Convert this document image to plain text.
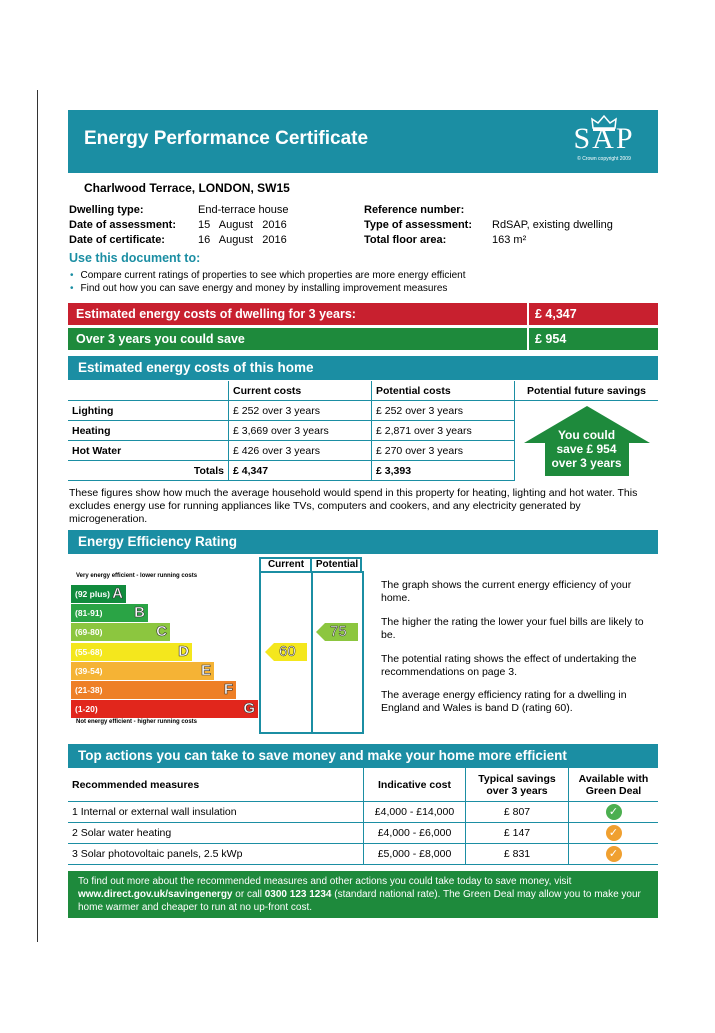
Energy Performance Certificate	SAP
© Crown copyright 2009
Charlwood Terrace, LONDON, SW15
Dwelling type:	End-terrace house
Date of assessment: 15   August   2016
Date of certificate:	16   August   2016
Reference number:
Type of assessment: RdSAP, existing dwelling
Total floor area:	163 m²
Use this document to:
• Compare current ratings of properties to see which properties are more energy efficient
• Find out how you can save energy and money by installing improvement measures
Estimated energy costs of dwelling for 3 years:	£ 4,347
Over 3 years you could save	£ 954
Estimated energy costs of this home
	Current costs	Potential costs	Potential future savings
Lighting	£ 252 over 3 years	£ 252 over 3 years	You could
save £ 954
over 3 years

Heating	£ 3,669 over 3 years	£ 2,871 over 3 years	
Hot Water	£ 426 over 3 years	£ 270 over 3 years	
Totals	£ 4,347	£ 3,393	
These figures show how much the average household would spend in this property for heating, lighting and hot water. This excludes energy use for running appliances like TVs, computers and cookers, and any electricity generated by microgeneration.
Energy Efficiency Rating
Very energy efficient - lower running costs
(92 plus) A
(81-91) B
(69-80)	C
(55-68)	D
(39-54)	E
(21-38)	F
(1-20)	G
Not energy efficient - higher running costs
Current	Potential
60
75
The graph shows the current energy efficiency of your home.
The higher the rating the lower your fuel bills are likely to be.
The potential rating shows the effect of undertaking the recommendations on page 3.
The average energy efficiency rating for a dwelling in England and Wales is band D (rating 60).
Top actions you can take to save money and make your home more efficient
Recommended measures	Indicative cost	Typical savings over 3 years	Available with Green Deal
1 Internal or external wall insulation	£4,000 - £14,000	£ 807	✓

2 Solar water heating	£4,000 - £6,000	£ 147	✓

3 Solar photovoltaic panels, 2.5 kWp	£5,000 - £8,000	£ 831	✓
To find out more about the recommended measures and other actions you could take today to save money, visit www.direct.gov.uk/savingenergy or call 0300 123 1234 (standard national rate). The Green Deal may allow you to make your home warmer and cheaper to run at no up-front cost.
